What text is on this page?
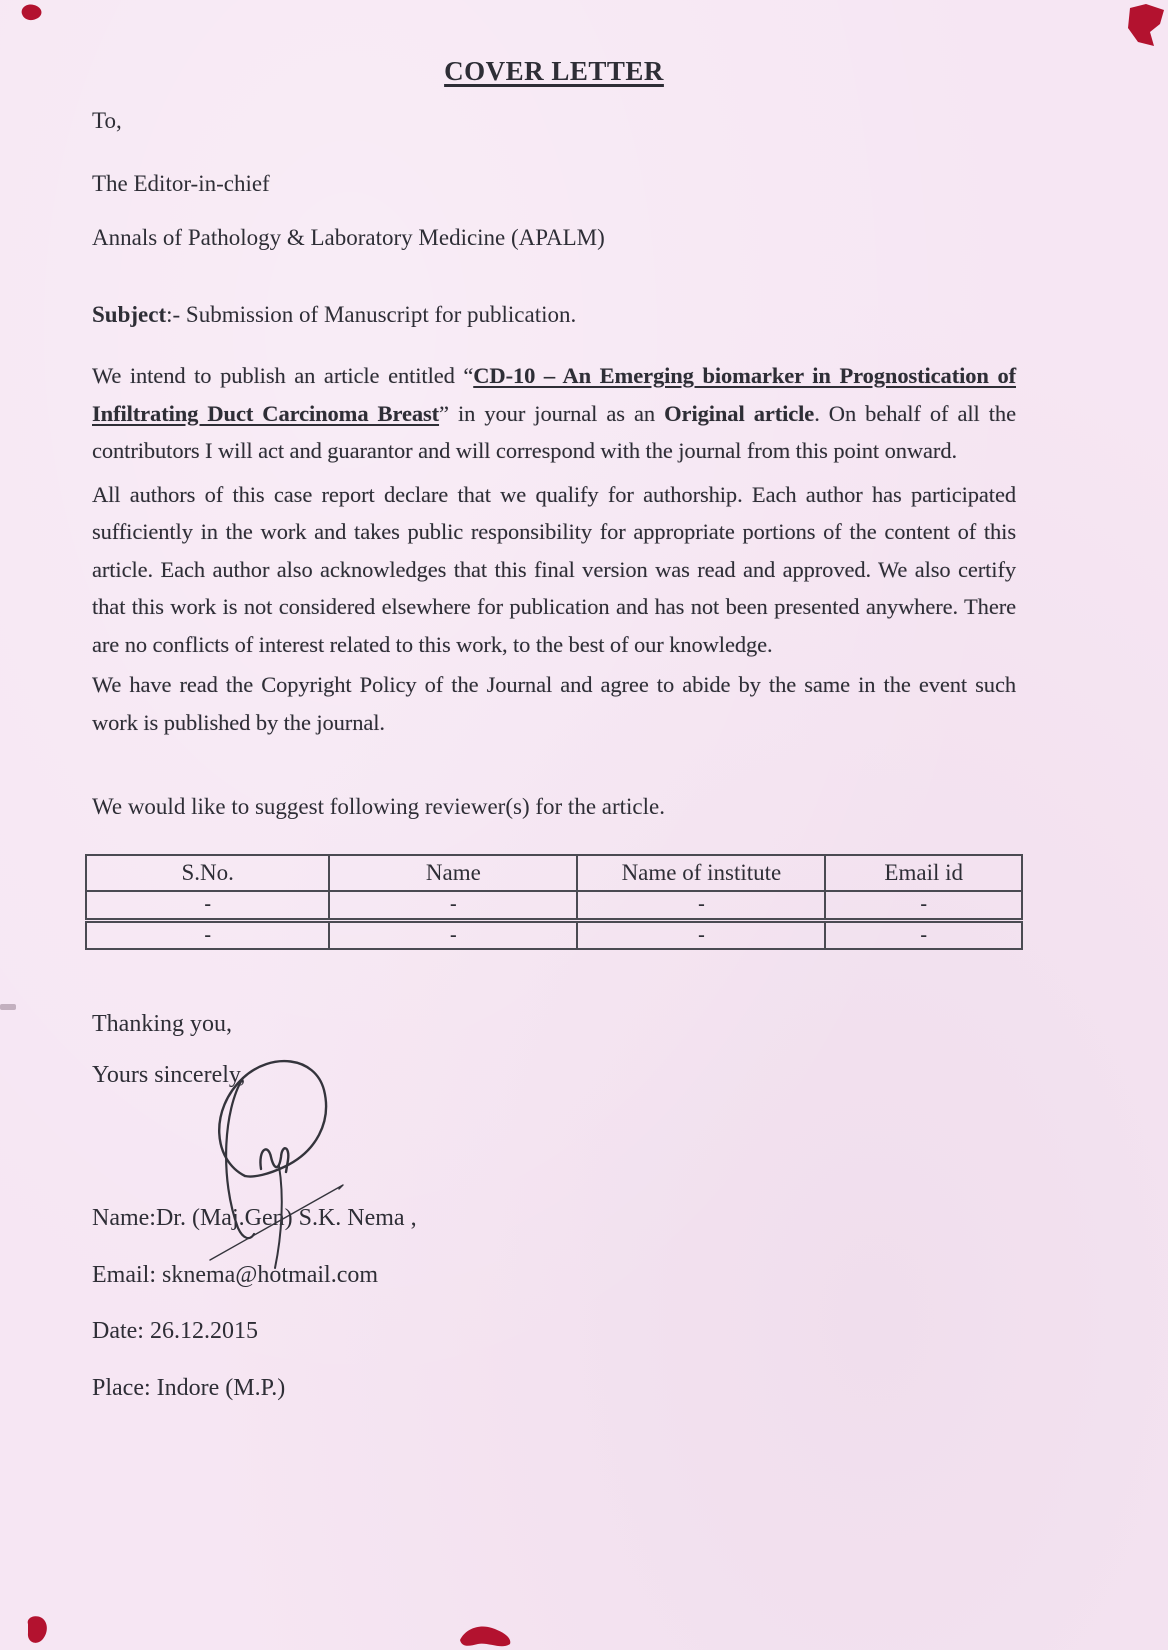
COVER LETTER
To,
The Editor-in-chief
Annals of Pathology & Laboratory Medicine (APALM)
Subject:- Submission of Manuscript for publication.

We intend to publish an article entitled “CD-10 – An Emerging biomarker in Prognostication of Infiltrating Duct Carcinoma Breast” in your journal as an Original article. On behalf of all the contributors I will act and guarantor and will correspond with the journal from this point onward.

All authors of this case report declare that we qualify for authorship. Each author has participated sufficiently in the work and takes public responsibility for appropriate portions of the content of this article. Each author also acknowledges that this final version was read and approved. We also certify that this work is not considered elsewhere for publication and has not been presented anywhere. There are no conflicts of interest related to this work, to the best of our knowledge.

We have read the Copyright Policy of the Journal and agree to abide by the same in the event such work is published by the journal.

We would like to suggest following reviewer(s) for the article.
S.No.	Name	Name of institute	Email id
-	-	-	-
-	-	-	-
Thanking you,
Yours sincerely,
Name:Dr. (Maj.Gen) S.K. Nema ,
Email: sknema@hotmail.com
Date: 26.12.2015
Place: Indore (M.P.)
